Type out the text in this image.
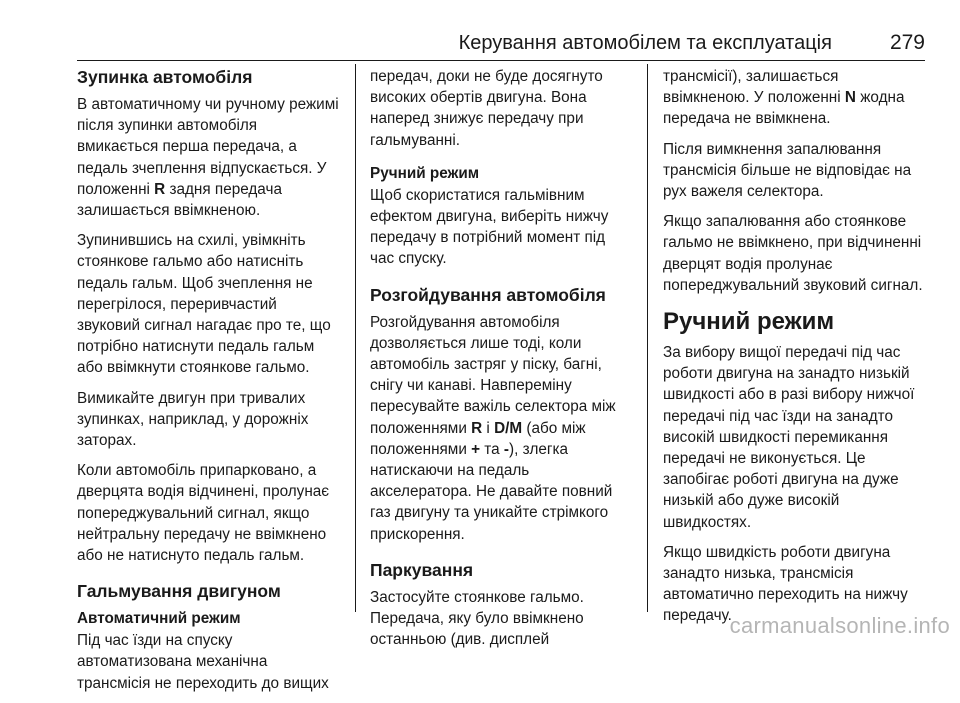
Керування автомобілем та експлуатація	279
Зупинка автомобіля

В автоматичному чи ручному режимі після зупинки автомобіля вмикається перша передача, а педаль зчеплення відпускається. У положенні R задня передача залишається ввімкненою.

Зупинившись на схилі, увімкніть стоянкове гальмо або натисніть педаль гальм. Щоб зчеплення не перегрілося, переривчастий звуковий сигнал нагадає про те, що потрібно натиснути педаль гальм або ввімкнути стоянкове гальмо.

Вимикайте двигун при тривалих зупинках, наприклад, у дорожніх заторах.

Коли автомобіль припарковано, а дверцята водія відчинені, пролунає попереджувальний сигнал, якщо нейтральну передачу не ввімкнено або не натиснуто педаль гальм.

Гальмування двигуном
Автоматичний режим

Під час їзди на спуску автоматизована механічна трансмісія не переходить до вищих

передач, доки не буде досягнуто високих обертів двигуна. Вона наперед знижує передачу при гальмуванні.

Ручний режим

Щоб скористатися гальмівним ефектом двигуна, виберіть нижчу передачу в потрібний момент під час спуску.

Розгойдування автомобіля

Розгойдування автомобіля дозволяється лише тоді, коли автомобіль застряг у піску, багні, снігу чи канаві. Навперемінy пересувайте важіль селектора між положеннями R і D/M (або між положеннями + та -), злегка натискаючи на педаль акселератора. Не давайте повний газ двигуну та уникайте стрімкого прискорення.

Паркування

Застосуйте стоянкове гальмо. Передача, яку було ввімкнено останньою (див. дисплей

трансмісії), залишається ввімкненою. У положенні N жодна передача не ввімкнена.

Після вимкнення запалювання трансмісія більше не відповідає на рух важеля селектора.

Якщо запалювання або стоянкове гальмо не ввімкнено, при відчиненні дверцят водія пролунає попереджувальний звуковий сигнал.

Ручний режим

За вибору вищої передачі під час роботи двигуна на занадто низькій швидкості або в разі вибору нижчої передачі під час їзди на занадто високій швидкості перемикання передачі не виконується. Це запобігає роботі двигуна на дуже низькій або дуже високій швидкостях.

Якщо швидкість роботи двигуна занадто низька, трансмісія автоматично переходить на нижчу передачу.

carmanualsonline.info
